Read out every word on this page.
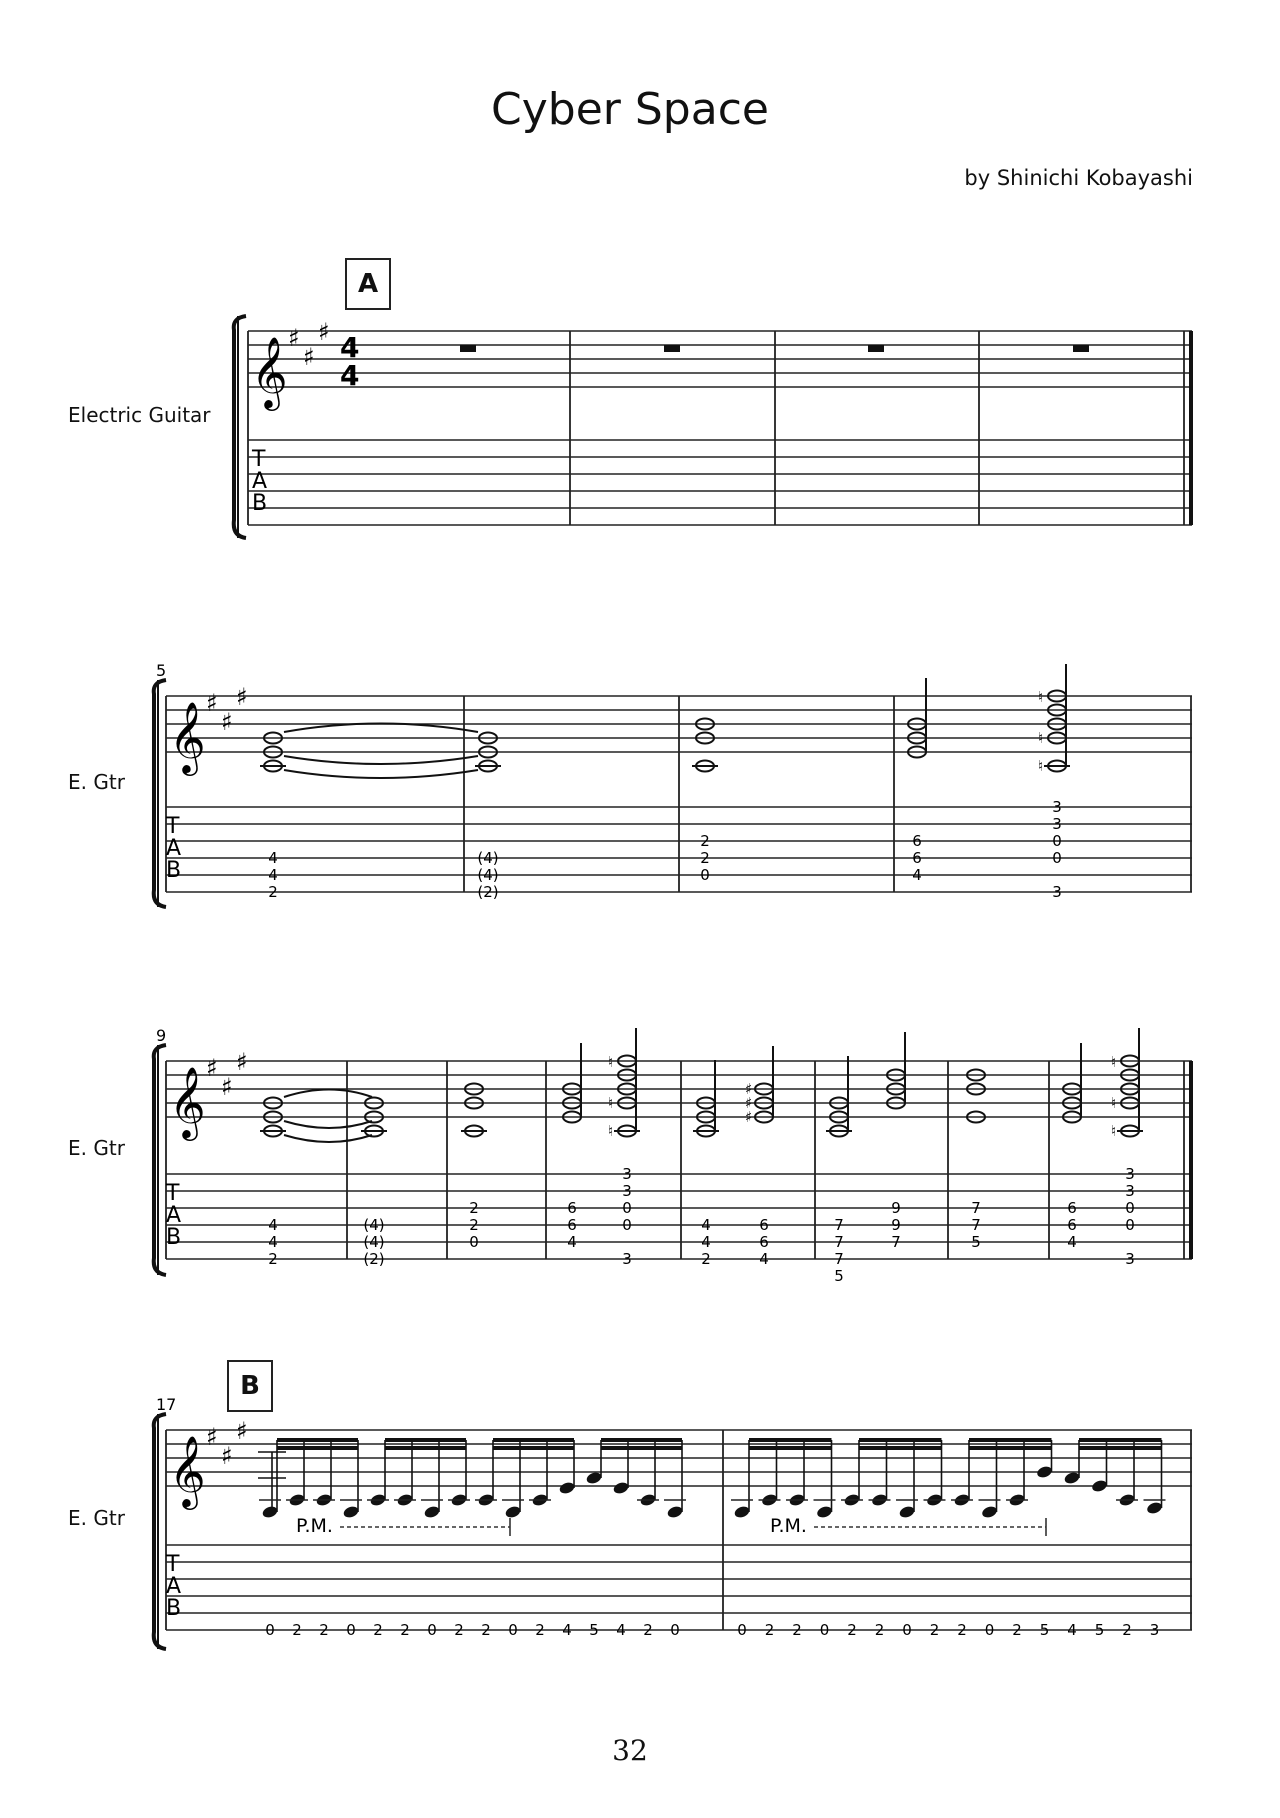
Cyber Space
by Shinichi Kobayashi
Electric Guitar
E. Gtr
E. Gtr
E. Gtr
A
B
𝄞 ♯
♯
♯ 4
4
T
A
B
5
𝄞 ♯
♯
♯
T
A
B
♮
♮
♮
4
4
2
(4)
(4)
(2)
2
2
0
6
6
4
3
3
0
0
3
9
𝄞 ♯
♯
♯
T
A
B
♮
♮
♮
♯
♯
♯
♮
♮
♮
4
4
2
(4)
(4)
(2)
2
2
0
6
6
4
3
3
0
0
3
4
4
2
6
6
4
7
7
7
5
9
9
7
7
7
5
6
6
4
3
3
0
0
3
17
𝄞 ♯
♯
♯
T
A
B
P.M.	P.M.
0 2 2 0 2 2 0 2 2 0 2 4 5 4 2 0	0 2 2 0 2 2 0 2 2 0 2 5 4 5 2 3
32
